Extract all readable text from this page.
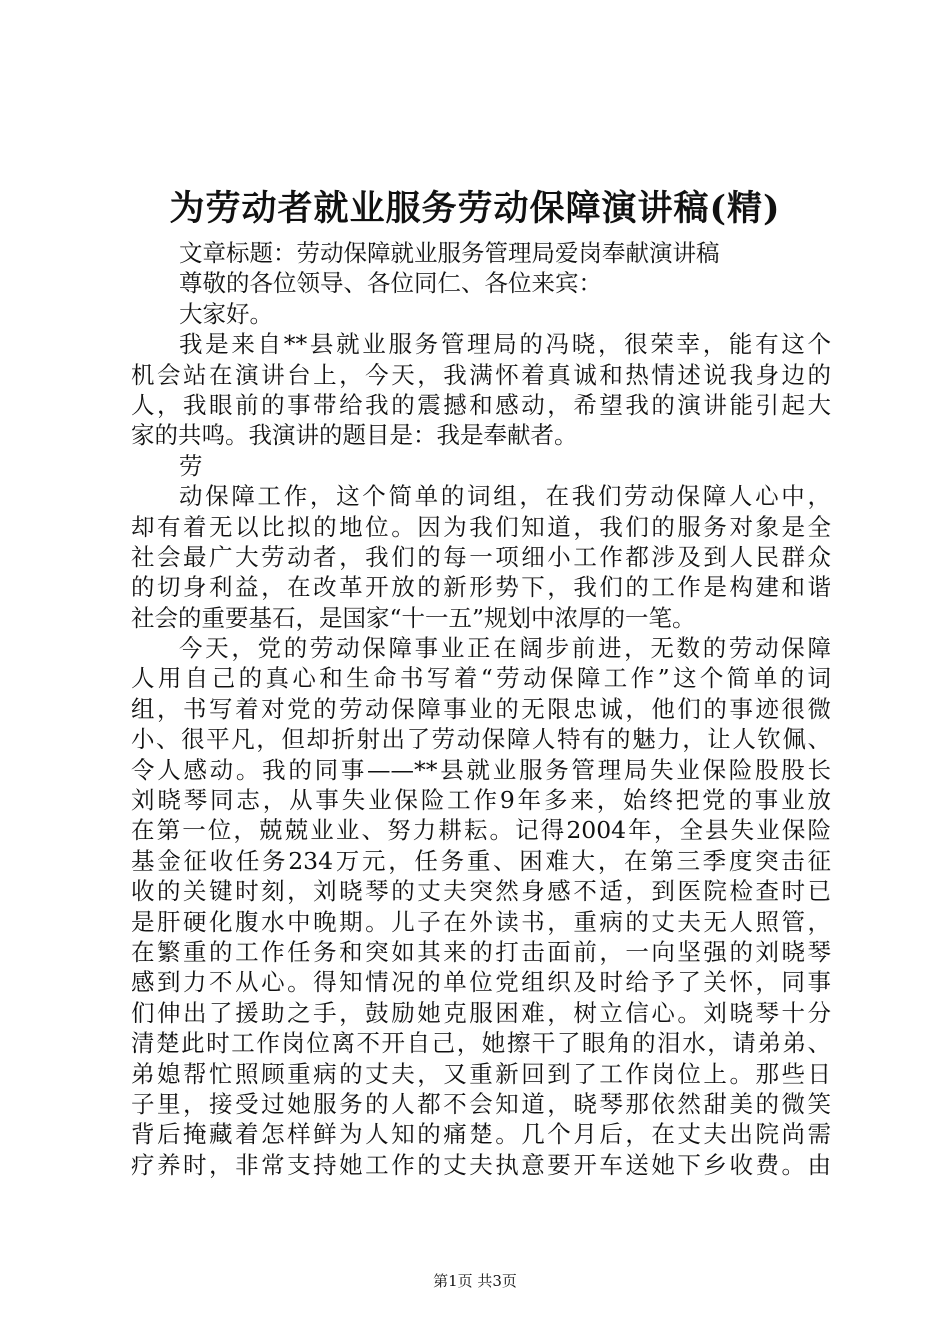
为劳动者就业服务劳动保障演讲稿(精)
文章标题：劳动保障就业服务管理局爱岗奉献演讲稿
尊敬的各位领导、各位同仁、各位来宾：
大家好。
我是来自**县就业服务管理局的冯晓，很荣幸，能有这个
机会站在演讲台上，今天，我满怀着真诚和热情述说我身边的
人，我眼前的事带给我的震撼和感动，希望我的演讲能引起大
家的共鸣。我演讲的题目是：我是奉献者。
劳
动保障工作，这个简单的词组，在我们劳动保障人心中，
却有着无以比拟的地位。因为我们知道，我们的服务对象是全
社会最广大劳动者，我们的每一项细小工作都涉及到人民群众
的切身利益，在改革开放的新形势下，我们的工作是构建和谐
社会的重要基石，是国家“十一五”规划中浓厚的一笔。
今天，党的劳动保障事业正在阔步前进，无数的劳动保障
人用自己的真心和生命书写着“劳动保障工作”这个简单的词
组，书写着对党的劳动保障事业的无限忠诚，他们的事迹很微
小、很平凡，但却折射出了劳动保障人特有的魅力，让人钦佩、
令人感动。我的同事——**县就业服务管理局失业保险股股长
刘晓琴同志，从事失业保险工作9年多来，始终把党的事业放
在第一位，兢兢业业、努力耕耘。记得2004年，全县失业保险
基金征收任务234万元，任务重、困难大，在第三季度突击征
收的关键时刻，刘晓琴的丈夫突然身感不适，到医院检查时已
是肝硬化腹水中晚期。儿子在外读书，重病的丈夫无人照管，
在繁重的工作任务和突如其来的打击面前，一向坚强的刘晓琴
感到力不从心。得知情况的单位党组织及时给予了关怀，同事
们伸出了援助之手，鼓励她克服困难，树立信心。刘晓琴十分
清楚此时工作岗位离不开自己，她擦干了眼角的泪水，请弟弟、
弟媳帮忙照顾重病的丈夫，又重新回到了工作岗位上。那些日
子里，接受过她服务的人都不会知道，晓琴那依然甜美的微笑
背后掩藏着怎样鲜为人知的痛楚。几个月后，在丈夫出院尚需
疗养时，非常支持她工作的丈夫执意要开车送她下乡收费。由
第1页 共3页
